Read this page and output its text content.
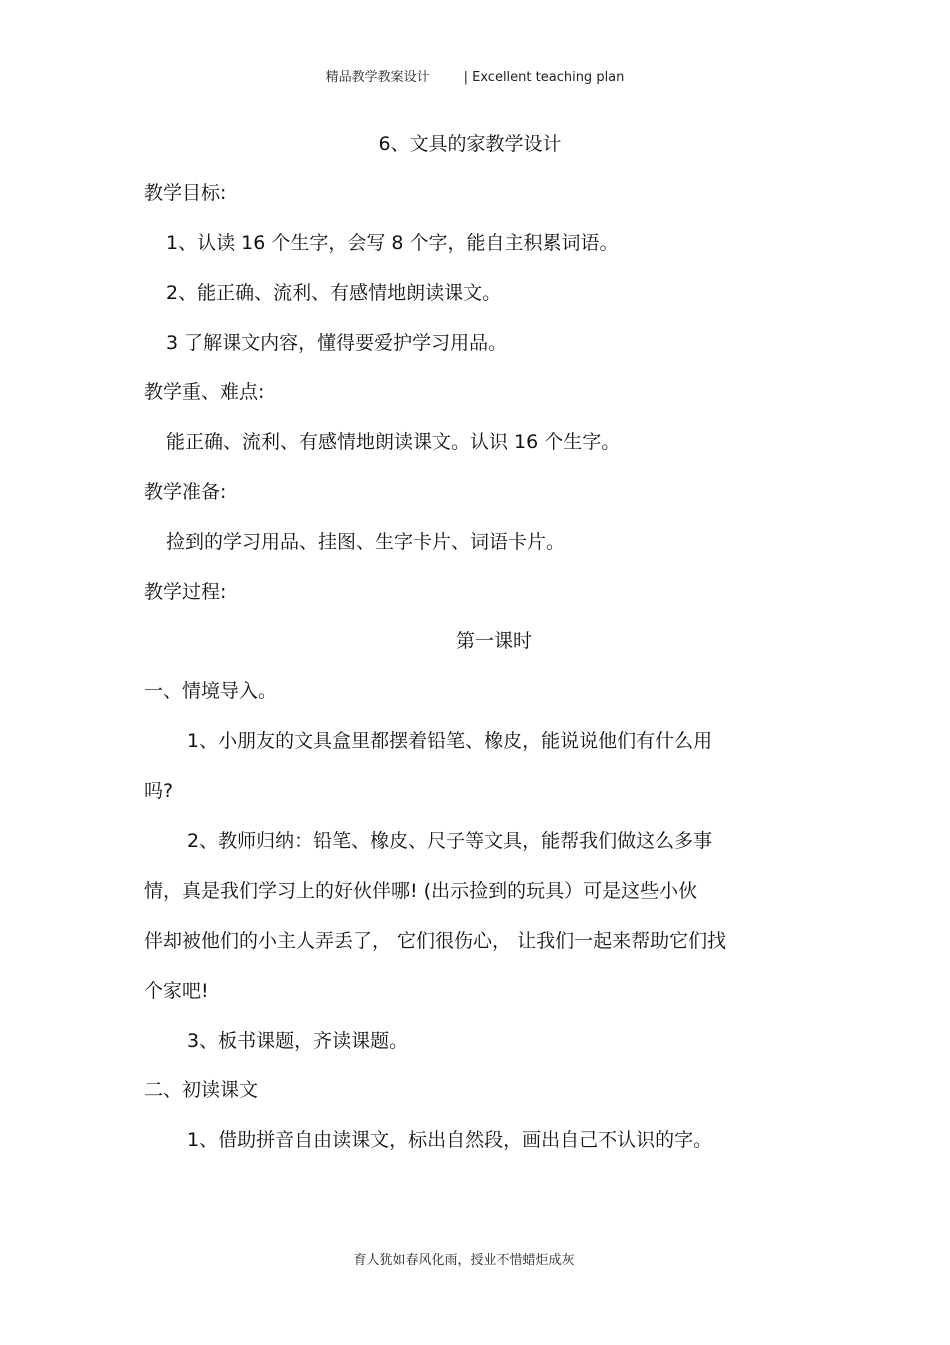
精品教学教案设计	| Excellent teaching plan
6、文具的家教学设计
教学目标:
1、认读 16 个生字，会写 8 个字，能自主积累词语。
2、能正确、流利、有感情地朗读课文。
3 了解课文内容，懂得要爱护学习用品。
教学重、难点:
能正确、流利、有感情地朗读课文。认识 16 个生字。
教学准备:
捡到的学习用品、挂图、生字卡片、词语卡片。
教学过程:
第一课时
一、情境导入。
1、小朋友的文具盒里都摆着铅笔、橡皮，能说说他们有什么用
吗?
2、教师归纳：铅笔、橡皮、尺子等文具，能帮我们做这么多事
情，真是我们学习上的好伙伴哪! (出示捡到的玩具）可是这些小伙
伴却被他们的小主人弄丢了， 它们很伤心， 让我们一起来帮助它们找
个家吧!
3、板书课题，齐读课题。
二、初读课文
1、借助拼音自由读课文，标出自然段，画出自己不认识的字。
育人犹如春风化雨，授业不惜蜡炬成灰
